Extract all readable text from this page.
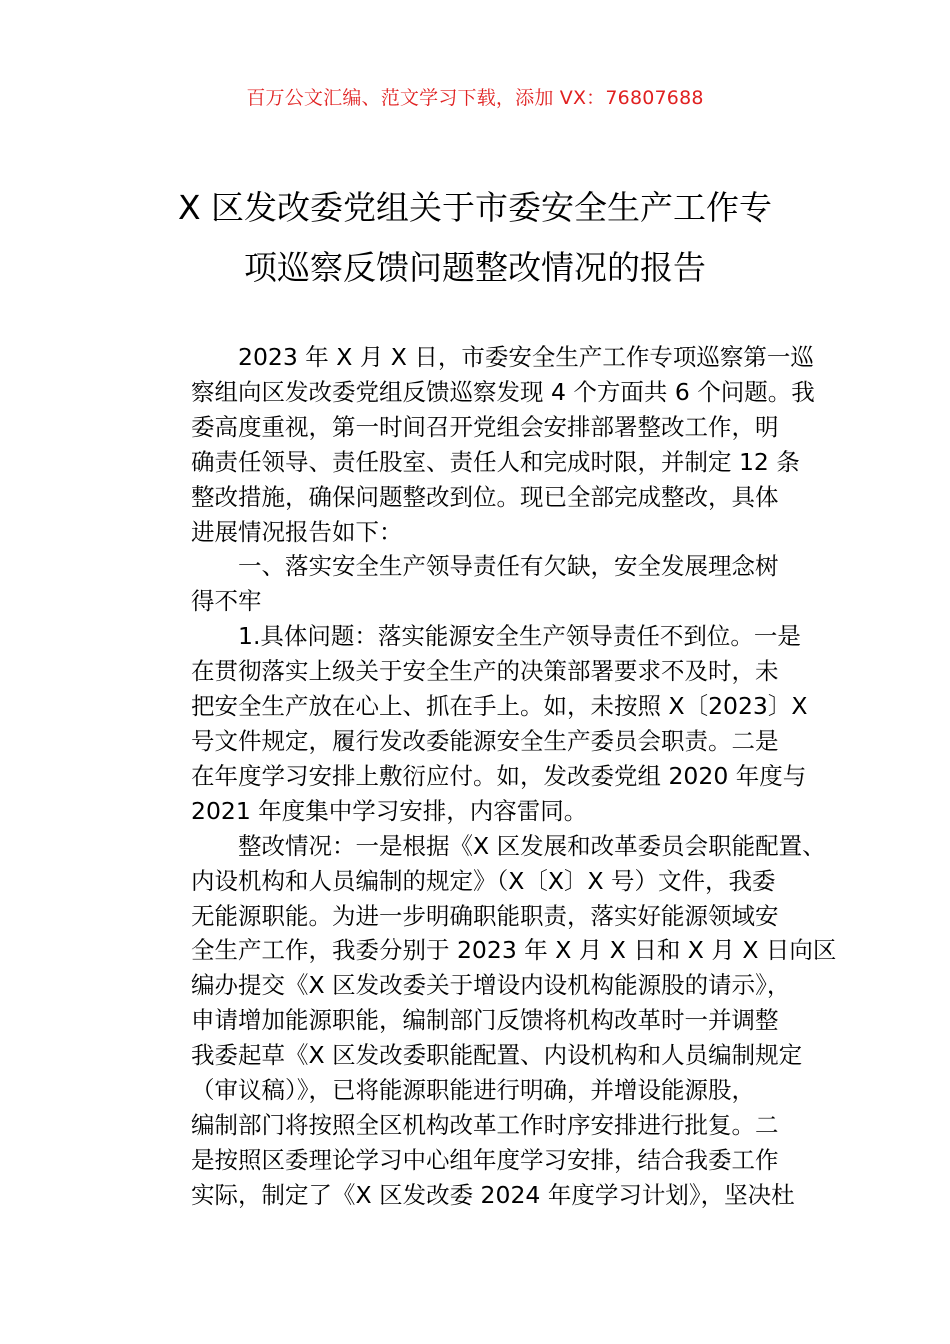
百万公文汇编、范文学习下载，添加 VX：76807688
X 区发改委党组关于市委安全生产工作专
项巡察反馈问题整改情况的报告

2023 年 X 月 X 日，市委安全生产工作专项巡察第一巡
察组向区发改委党组反馈巡察发现 4 个方面共 6 个问题。我
委高度重视，第一时间召开党组会安排部署整改工作，明
确责任领导、责任股室、责任人和完成时限，并制定 12 条
整改措施，确保问题整改到位。现已全部完成整改，具体
进展情况报告如下：

一、落实安全生产领导责任有欠缺，安全发展理念树
得不牢

1.具体问题：落实能源安全生产领导责任不到位。一是
在贯彻落实上级关于安全生产的决策部署要求不及时，未
把安全生产放在心上、抓在手上。如，未按照 X〔2023〕X
号文件规定，履行发改委能源安全生产委员会职责。二是
在年度学习安排上敷衍应付。如，发改委党组 2020 年度与
2021 年度集中学习安排，内容雷同。

整改情况：一是根据《X 区发展和改革委员会职能配置、
内设机构和人员编制的规定》（X〔X〕X 号）文件，我委
无能源职能。为进一步明确职能职责，落实好能源领域安
全生产工作，我委分别于 2023 年 X 月 X 日和 X 月 X 日向区
编办提交《X 区发改委关于增设内设机构能源股的请示》，
申请增加能源职能，编制部门反馈将机构改革时一并调整
我委起草《X 区发改委职能配置、内设机构和人员编制规定
（审议稿）》，已将能源职能进行明确，并增设能源股，
编制部门将按照全区机构改革工作时序安排进行批复。二
是按照区委理论学习中心组年度学习安排，结合我委工作
实际，制定了《X 区发改委 2024 年度学习计划》，坚决杜
